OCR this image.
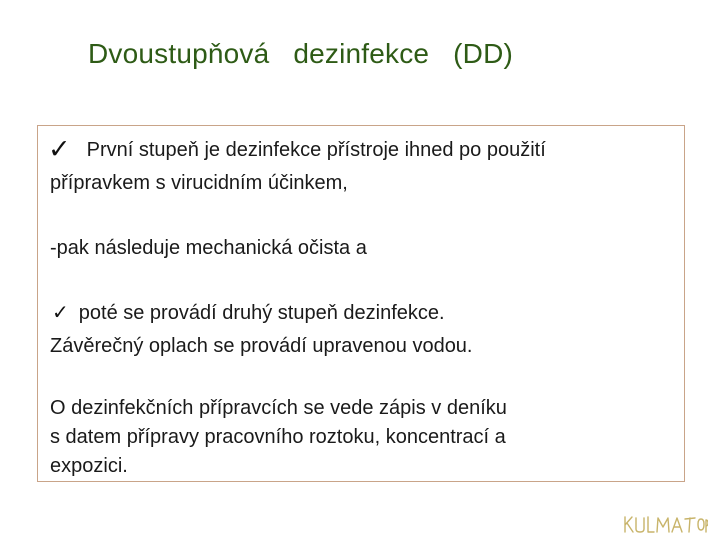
Dvoustupňová   dezinfekce   (DD)
✓ První stupeň je dezinfekce přístroje ihned po použití
přípravkem s virucidním účinkem,
-pak následuje mechanická očista a
✓ poté se provádí druhý stupeň dezinfekce.
Závěrečný oplach se provádí upravenou vodou.
O dezinfekčních přípravcích se vede zápis v deníku
s datem přípravy pracovního roztoku, koncentrací a
expozici.
